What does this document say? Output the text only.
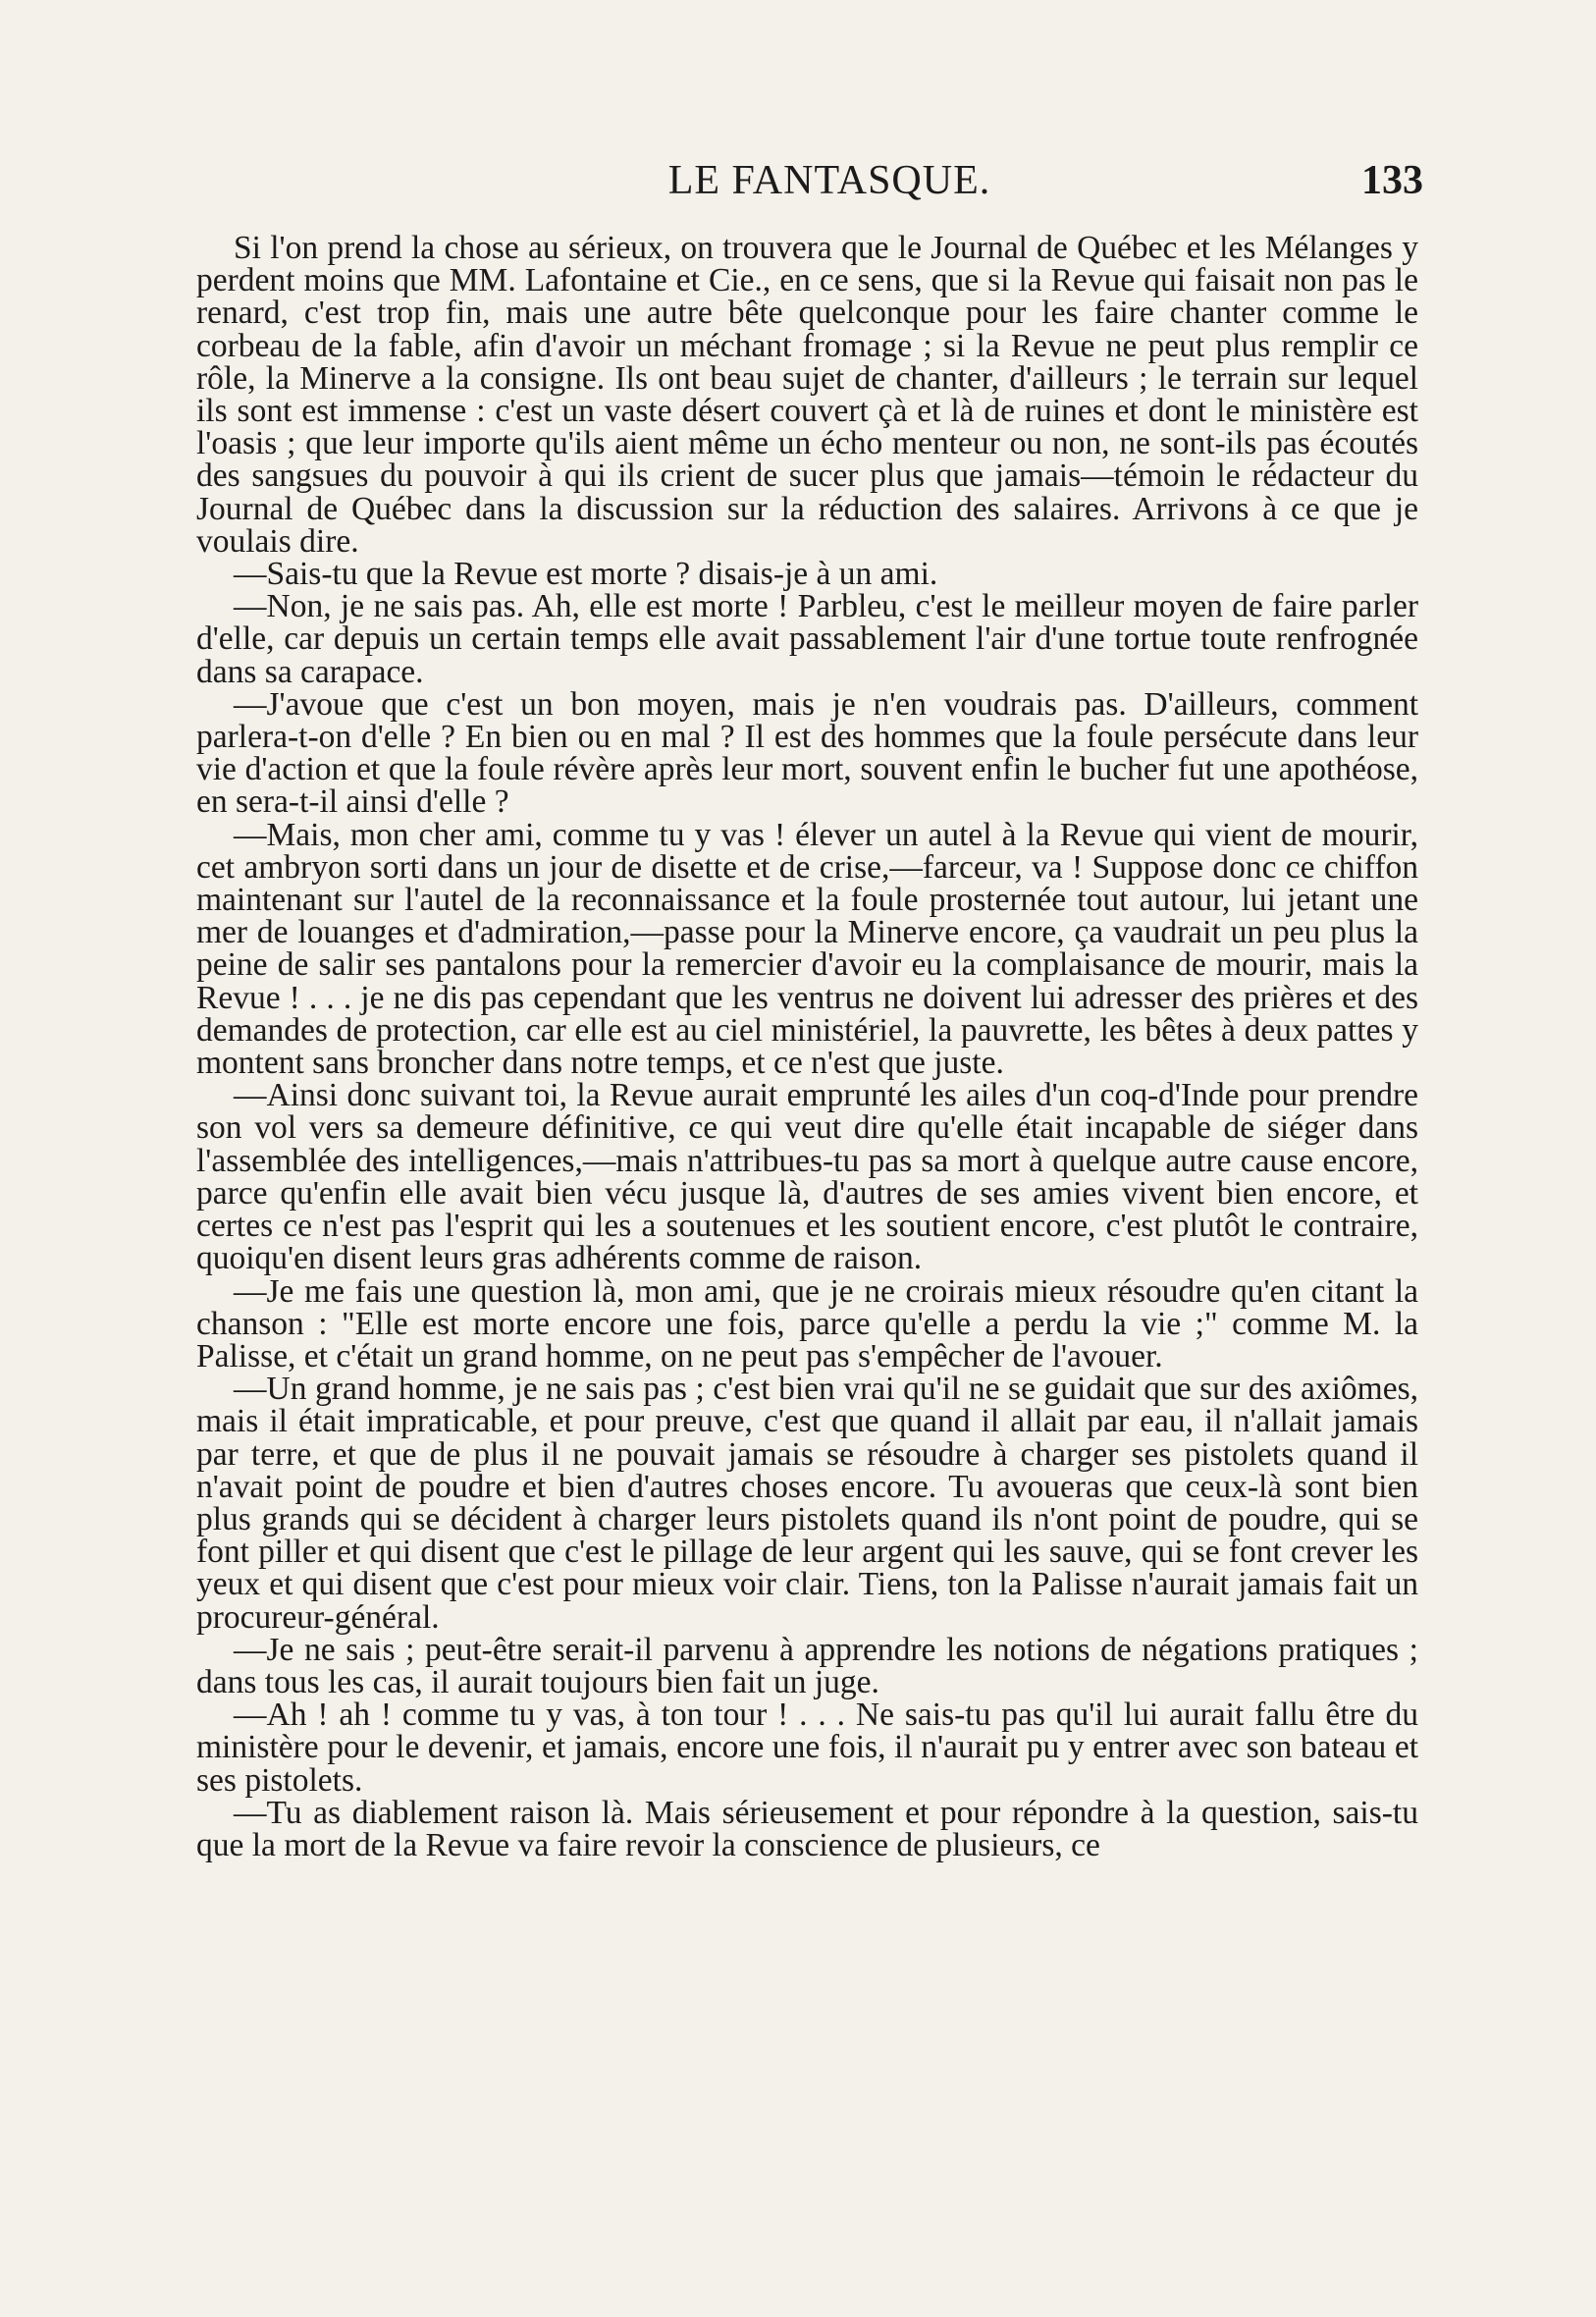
LE FANTASQUE.	133

Si l'on prend la chose au sérieux, on trouvera que le Journal de Québec et les Mélanges y perdent moins que MM. Lafontaine et Cie., en ce sens, que si la Revue qui faisait non pas le renard, c'est trop fin, mais une autre bête quelconque pour les faire chanter comme le corbeau de la fable, afin d'avoir un méchant fromage ; si la Revue ne peut plus remplir ce rôle, la Minerve a la consigne. Ils ont beau sujet de chanter, d'ailleurs ; le terrain sur lequel ils sont est immense : c'est un vaste désert couvert çà et là de ruines et dont le ministère est l'oasis ; que leur importe qu'ils aient même un écho menteur ou non, ne sont-ils pas écoutés des sangsues du pouvoir à qui ils crient de sucer plus que jamais—témoin le rédacteur du Journal de Québec dans la discussion sur la réduction des salaires. Arrivons à ce que je voulais dire.

—Sais-tu que la Revue est morte ? disais-je à un ami.

—Non, je ne sais pas. Ah, elle est morte ! Parbleu, c'est le meilleur moyen de faire parler d'elle, car depuis un certain temps elle avait passablement l'air d'une tortue toute renfrognée dans sa carapace.

—J'avoue que c'est un bon moyen, mais je n'en voudrais pas. D'ailleurs, comment parlera-t-on d'elle ? En bien ou en mal ? Il est des hommes que la foule persécute dans leur vie d'action et que la foule révère après leur mort, souvent enfin le bucher fut une apothéose, en sera-t-il ainsi d'elle ?

—Mais, mon cher ami, comme tu y vas ! élever un autel à la Revue qui vient de mourir, cet ambryon sorti dans un jour de disette et de crise,—farceur, va ! Suppose donc ce chiffon maintenant sur l'autel de la reconnaissance et la foule prosternée tout autour, lui jetant une mer de louanges et d'admiration,—passe pour la Minerve encore, ça vaudrait un peu plus la peine de salir ses pantalons pour la remercier d'avoir eu la complaisance de mourir, mais la Revue ! . . . je ne dis pas cependant que les ventrus ne doivent lui adresser des prières et des demandes de protection, car elle est au ciel ministériel, la pauvrette, les bêtes à deux pattes y montent sans broncher dans notre temps, et ce n'est que juste.

—Ainsi donc suivant toi, la Revue aurait emprunté les ailes d'un coq-d'Inde pour prendre son vol vers sa demeure définitive, ce qui veut dire qu'elle était incapable de siéger dans l'assemblée des intelligences,—mais n'attribues-tu pas sa mort à quelque autre cause encore, parce qu'enfin elle avait bien vécu jusque là, d'autres de ses amies vivent bien encore, et certes ce n'est pas l'esprit qui les a soutenues et les soutient encore, c'est plutôt le contraire, quoiqu'en disent leurs gras adhérents comme de raison.

—Je me fais une question là, mon ami, que je ne croirais mieux résoudre qu'en citant la chanson : "Elle est morte encore une fois, parce qu'elle a perdu la vie ;" comme M. la Palisse, et c'était un grand homme, on ne peut pas s'empêcher de l'avouer.

—Un grand homme, je ne sais pas ; c'est bien vrai qu'il ne se guidait que sur des axiômes, mais il était impraticable, et pour preuve, c'est que quand il allait par eau, il n'allait jamais par terre, et que de plus il ne pouvait jamais se résoudre à charger ses pistolets quand il n'avait point de poudre et bien d'autres choses encore. Tu avoueras que ceux-là sont bien plus grands qui se décident à charger leurs pistolets quand ils n'ont point de poudre, qui se font piller et qui disent que c'est le pillage de leur argent qui les sauve, qui se font crever les yeux et qui disent que c'est pour mieux voir clair. Tiens, ton la Palisse n'aurait jamais fait un procureur-général.

—Je ne sais ; peut-être serait-il parvenu à apprendre les notions de négations pratiques ; dans tous les cas, il aurait toujours bien fait un juge.

—Ah ! ah ! comme tu y vas, à ton tour ! . . . Ne sais-tu pas qu'il lui aurait fallu être du ministère pour le devenir, et jamais, encore une fois, il n'aurait pu y entrer avec son bateau et ses pistolets.

—Tu as diablement raison là. Mais sérieusement et pour répondre à la question, sais-tu que la mort de la Revue va faire revoir la conscience de plusieurs, ce
